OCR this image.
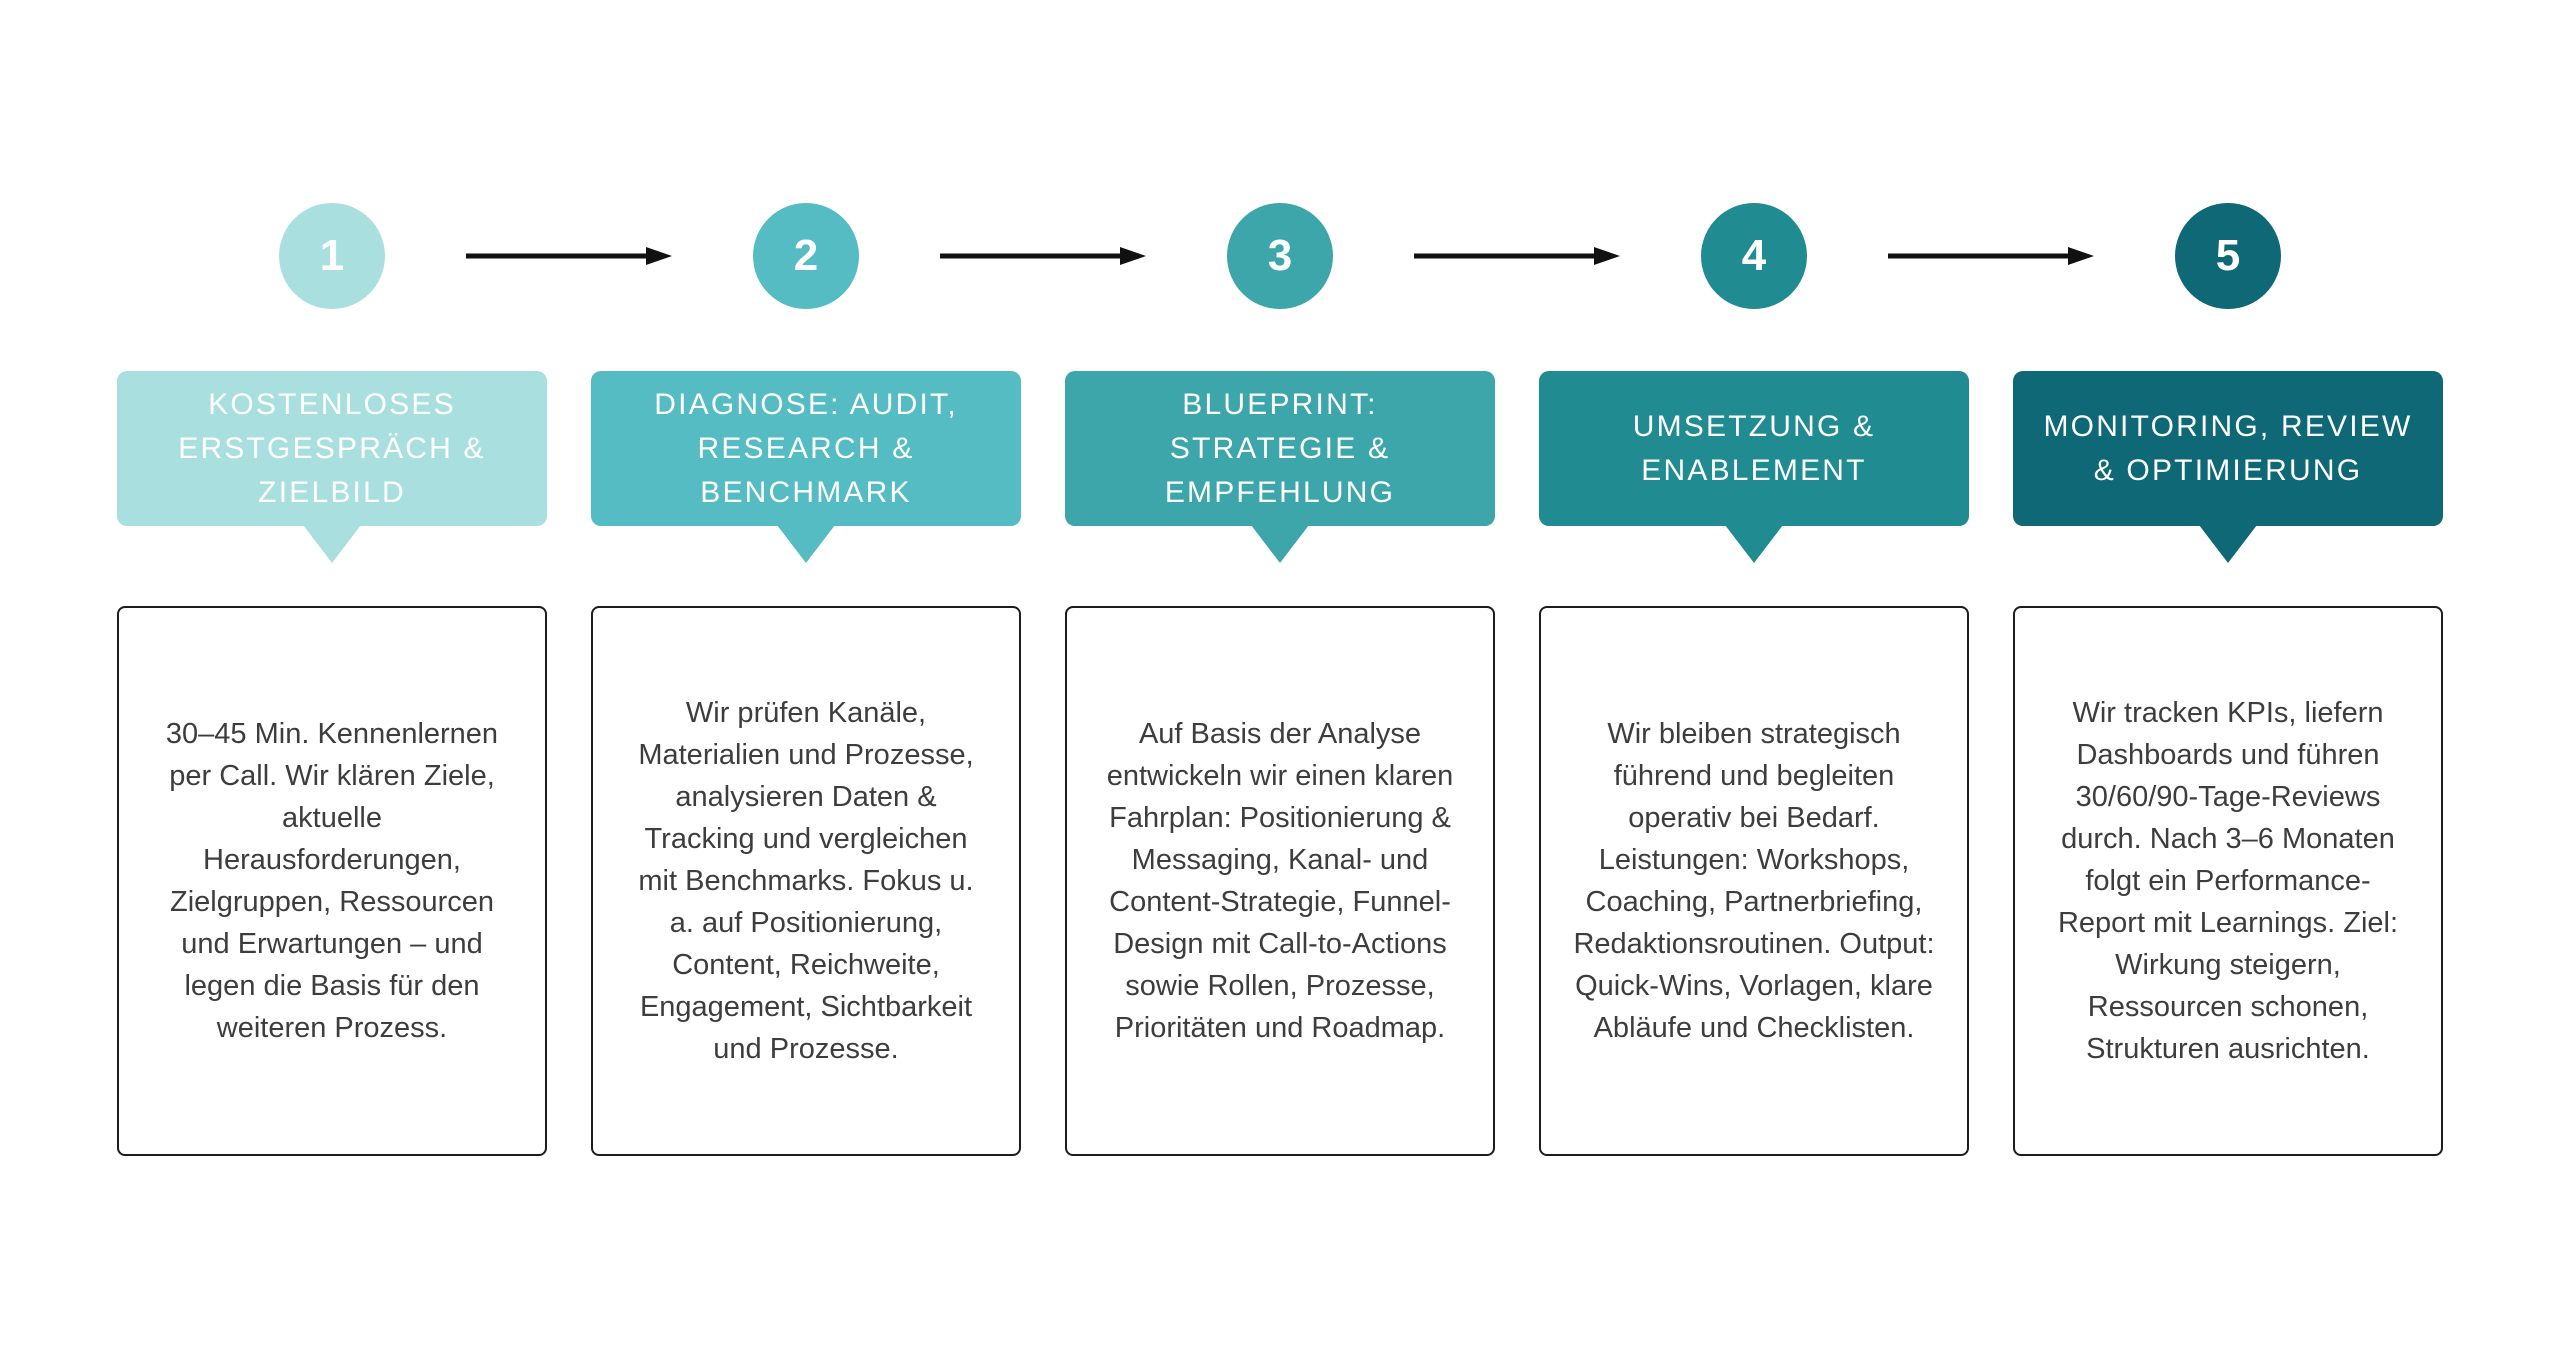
1
KOSTENLOSES ERSTGESPRÄCH & ZIELBILD

30–45 Min. Kennenlernen per Call. Wir klären Ziele, aktuelle Herausforderungen, Zielgruppen, Ressourcen und Erwartungen – und legen die Basis für den weiteren Prozess.

2
DIAGNOSE: AUDIT, RESEARCH & BENCHMARK

Wir prüfen Kanäle, Materialien und Prozesse, analysieren Daten & Tracking und vergleichen mit Benchmarks. Fokus u. a. auf Positionierung, Content, Reichweite, Engagement, Sichtbarkeit und Prozesse.

3
BLUEPRINT: STRATEGIE & EMPFEHLUNG

Auf Basis der Analyse entwickeln wir einen klaren Fahrplan: Positionierung & Messaging, Kanal- und Content-Strategie, Funnel-Design mit Call-to-Actions sowie Rollen, Prozesse, Prioritäten und Roadmap.

4
UMSETZUNG & ENABLEMENT

Wir bleiben strategisch führend und begleiten operativ bei Bedarf. Leistungen: Workshops, Coaching, Partnerbriefing, Redaktionsroutinen. Output: Quick-Wins, Vorlagen, klare Abläufe und Checklisten.

5
MONITORING, REVIEW & OPTIMIERUNG

Wir tracken KPIs, liefern Dashboards und führen 30/60/90-Tage-Reviews durch. Nach 3–6 Monaten folgt ein Performance-Report mit Learnings. Ziel: Wirkung steigern, Ressourcen schonen, Strukturen ausrichten.
